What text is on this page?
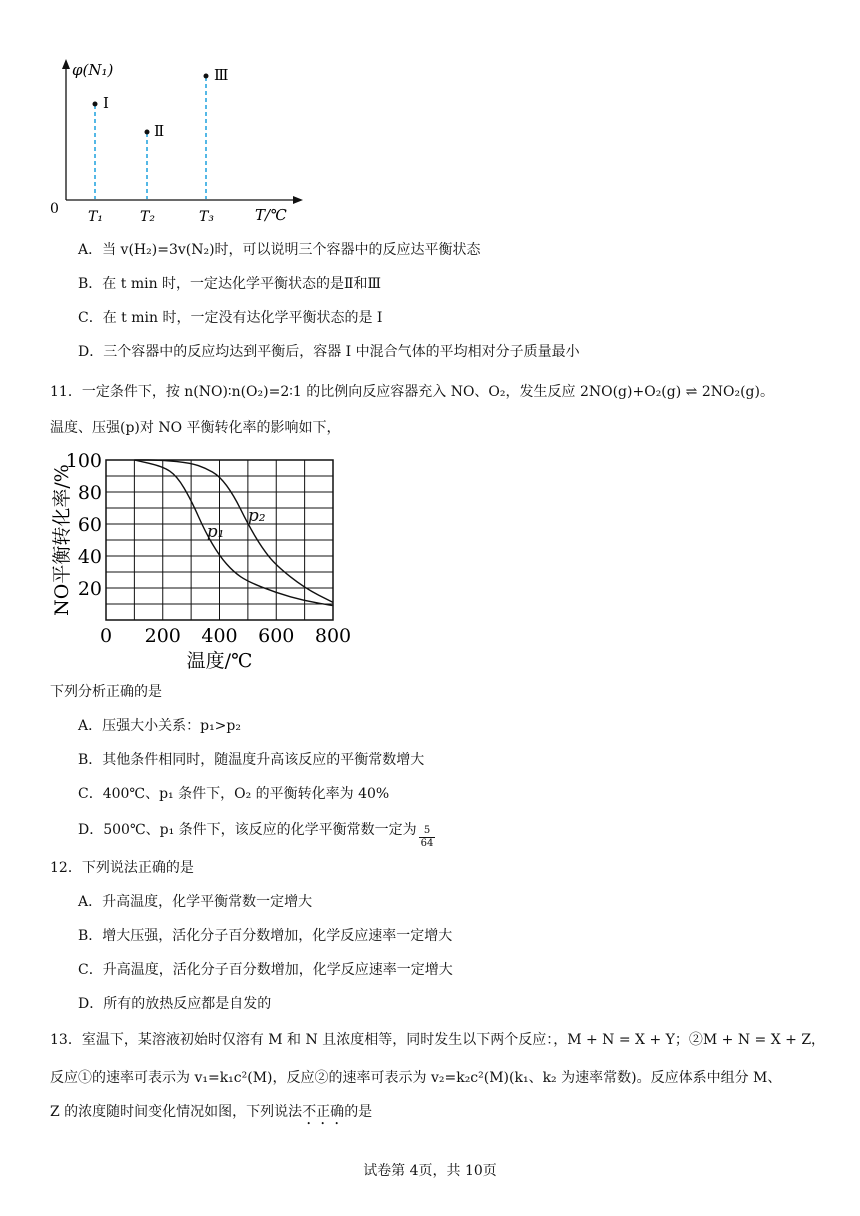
φ(N₁)
0	T/℃
Ⅰ
T₁
Ⅱ
T₂
Ⅲ
T₃
A．当 v(H₂)=3v(N₂)时，可以说明三个容器中的反应达平衡状态
B．在 t min 时，一定达化学平衡状态的是Ⅱ和Ⅲ
C．在 t min 时，一定没有达化学平衡状态的是 I
D．三个容器中的反应均达到平衡后，容器 I 中混合气体的平均相对分子质量最小
11．一定条件下，按 n(NO)∶n(O₂)=2∶1 的比例向反应容器充入 NO、O₂，发生反应 2NO(g)+O₂(g) ⇌ 2NO₂(g)。
温度、压强(p)对 NO 平衡转化率的影响如下，
0 200 400 600 800
20
40
60
80
100
温度/℃
NO平衡转化率/%	p₁
p₂
下列分析正确的是
A．压强大小关系：p₁>p₂
B．其他条件相同时，随温度升高该反应的平衡常数增大
C．400℃、p₁ 条件下，O₂ 的平衡转化率为 40%
D．500℃、p₁ 条件下，该反应的化学平衡常数一定为 $\frac{5}{64}$
12．下列说法正确的是
A．升高温度，化学平衡常数一定增大
B．增大压强，活化分子百分数增加，化学反应速率一定增大
C．升高温度，活化分子百分数增加，化学反应速率一定增大
D．所有的放热反应都是自发的
13．室温下，某溶液初始时仅溶有 M 和 N 且浓度相等，同时发生以下两个反应：，M + N = X + Y；②M + N = X + Z，
反应①的速率可表示为 v₁=k₁c²(M)，反应②的速率可表示为 v₂=k₂c²(M)(k₁、k₂ 为速率常数)。反应体系中组分 M、
Z 的浓度随时间变化情况如图，下列说法不正确的是
试卷第 4页，共 10页
